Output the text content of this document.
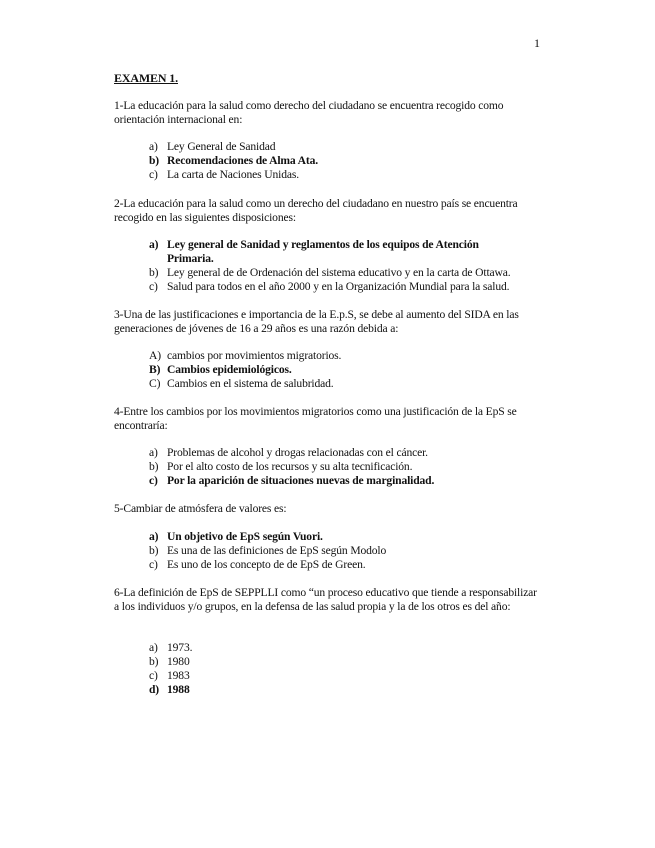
1
EXAMEN 1.

1-La educación para la salud como derecho del ciudadano se encuentra recogido como orientación internacional en:

a) Ley General de Sanidad
b) Recomendaciones de Alma Ata.
c) La carta de Naciones Unidas.

2-La educación para la salud como un derecho del ciudadano en nuestro país se encuentra recogido en las siguientes disposiciones:

a) Ley general de Sanidad y reglamentos de los equipos de Atención Primaria.
b) Ley general de de Ordenación del sistema educativo y en la carta de Ottawa.
c) Salud para todos en el año 2000 y en la Organización Mundial para la salud.

3-Una de las justificaciones e importancia de la E.p.S, se debe al aumento del SIDA en las generaciones de jóvenes de 16 a 29 años es una razón debida a:

A) cambios por movimientos migratorios.
B) Cambios epidemiológicos.
C) Cambios en el sistema de salubridad.

4-Entre los cambios por los movimientos migratorios como una justificación de la EpS se encontraría:

a) Problemas de alcohol y drogas relacionadas con el cáncer.
b) Por el alto costo de los recursos y su alta tecnificación.
c) Por la aparición de situaciones nuevas de marginalidad.

5-Cambiar de atmósfera de valores es:

a) Un objetivo de EpS según Vuori.
b) Es una de las definiciones de EpS según Modolo
c) Es uno de los concepto de de EpS de Green.

6-La definición de EpS de SEPPLLI como “un proceso educativo que tiende a responsabilizar a los individuos y/o grupos, en la defensa de las salud propia y la de los otros es del año:

a) 1973.
b) 1980
c) 1983
d) 1988
